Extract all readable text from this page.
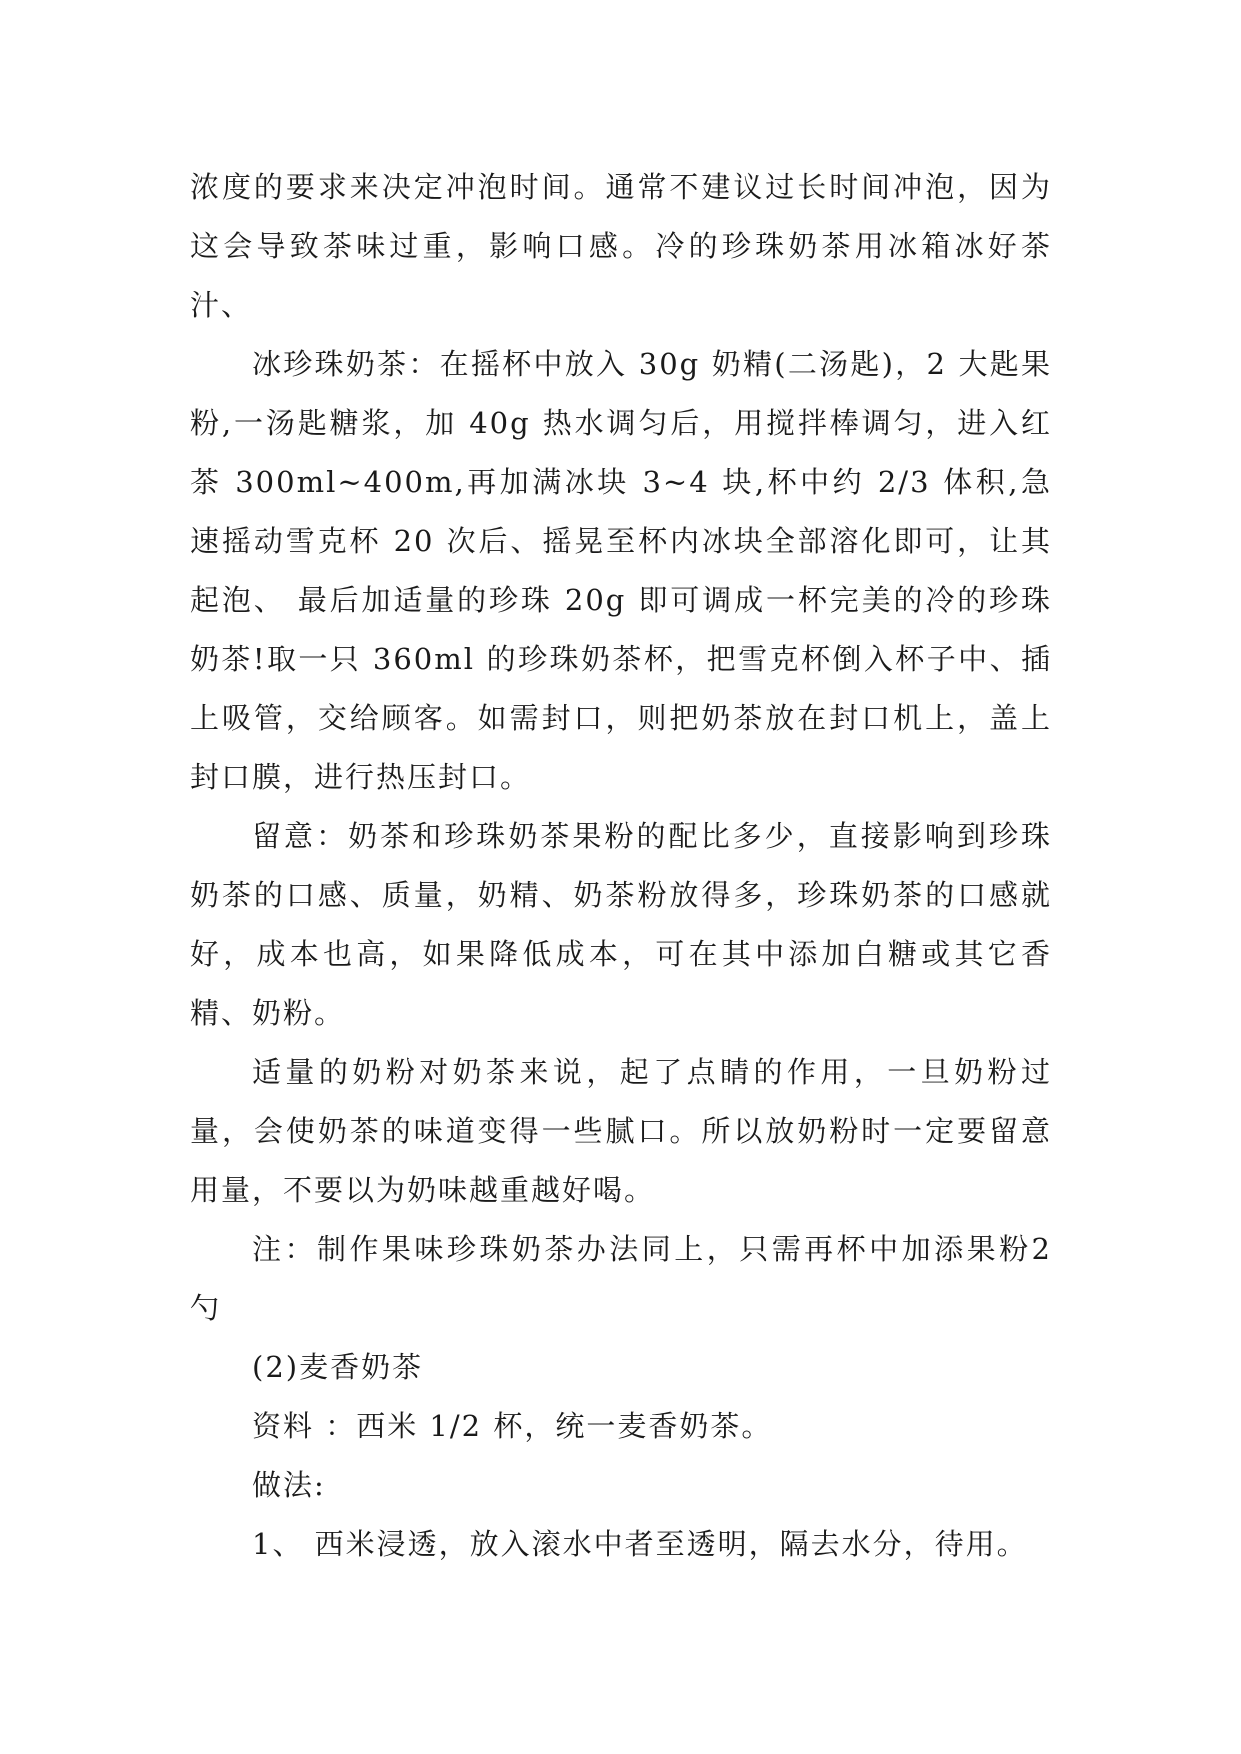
浓度的要求来决定冲泡时间。通常不建议过长时间冲泡，因为这会导致茶味过重，影响口感。冷的珍珠奶茶用冰箱冰好茶汁、

冰珍珠奶茶：在摇杯中放入 30g 奶精(二汤匙)，2 大匙果粉,一汤匙糖浆，加 40g 热水调匀后，用搅拌棒调匀，进入红茶 300ml~400m,再加满冰块 3~4 块,杯中约 2/3 体积,急速摇动雪克杯 20 次后、摇晃至杯内冰块全部溶化即可，让其起泡、 最后加适量的珍珠 20g 即可调成一杯完美的冷的珍珠奶茶!取一只 360ml 的珍珠奶茶杯，把雪克杯倒入杯子中、插上吸管，交给顾客。如需封口，则把奶茶放在封口机上，盖上封口膜，进行热压封口。

留意：奶茶和珍珠奶茶果粉的配比多少，直接影响到珍珠奶茶的口感、质量，奶精、奶茶粉放得多，珍珠奶茶的口感就好，成本也高，如果降低成本，可在其中添加白糖或其它香精、奶粉。

适量的奶粉对奶茶来说，起了点睛的作用，一旦奶粉过量，会使奶茶的味道变得一些腻口。所以放奶粉时一定要留意用量，不要以为奶味越重越好喝。

注：制作果味珍珠奶茶办法同上，只需再杯中加添果粉2 勺

(2)麦香奶茶

资料 ：西米 1/2 杯，统一麦香奶茶。

做法:

1、 西米浸透，放入滚水中者至透明，隔去水分，待用。
